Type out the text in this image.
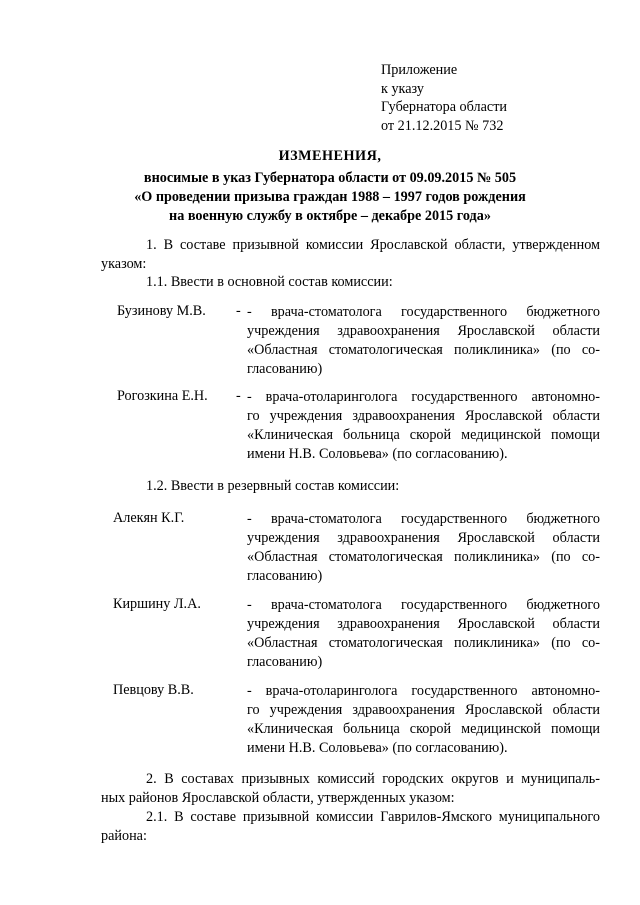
Приложение
к указу
Губернатора области
от 21.12.2015 № 732
ИЗМЕНЕНИЯ,
вносимые в указ Губернатора области от 09.09.2015 № 505
«О проведении призыва граждан 1988 – 1997 годов рождения
на военную службу в октябре – декабре 2015 года»
1. В составе призывной комиссии Ярославской области, утвержденном
указом:
1.1. Ввести в основной состав комиссии:
Бузинову М.В. - - врача-стоматолога государственного бюджетного
учреждения здравоохранения Ярославской области
«Областная стоматологическая поликлиника» (по со-
гласованию)
Рогозкина Е.Н. - - врача-отоларинголога государственного автономно-
го учреждения здравоохранения Ярославской области
«Клиническая больница скорой медицинской помощи
имени Н.В. Соловьева» (по согласованию).
1.2. Ввести в резервный состав комиссии:
Алекян К.Г.	- врача-стоматолога государственного бюджетного
учреждения здравоохранения Ярославской области
«Областная стоматологическая поликлиника» (по со-
гласованию)
Киршину Л.А.	- врача-стоматолога государственного бюджетного
учреждения здравоохранения Ярославской области
«Областная стоматологическая поликлиника» (по со-
гласованию)
Певцову В.В.	- врача-отоларинголога государственного автономно-
го учреждения здравоохранения Ярославской области
«Клиническая больница скорой медицинской помощи
имени Н.В. Соловьева» (по согласованию).
2. В составах призывных комиссий городских округов и муниципаль-
ных районов Ярославской области, утвержденных указом:
2.1. В составе призывной комиссии Гаврилов-Ямского муниципального
района:
